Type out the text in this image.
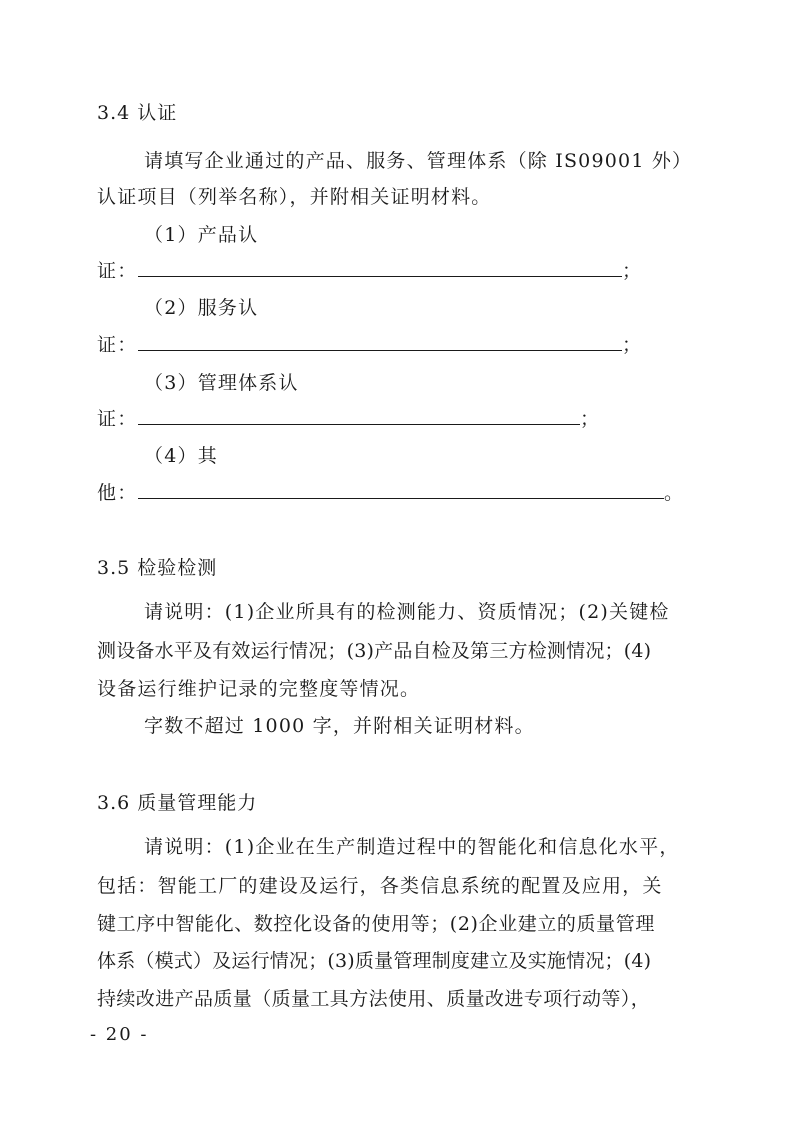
3.4 认证
请填写企业通过的产品、服务、管理体系（除 IS09001 外）
认证项目（列举名称），并附相关证明材料。
（1）产品认
证：	；
（2）服务认
证：	；
（3）管理体系认
证：	；
（4）其
他：	。
3.5 检验检测
请说明：(1)企业所具有的检测能力、资质情况；(2)关键检
测设备水平及有效运行情况；(3)产品自检及第三方检测情况；(4)
设备运行维护记录的完整度等情况。
字数不超过 1000 字，并附相关证明材料。
3.6 质量管理能力
请说明：(1)企业在生产制造过程中的智能化和信息化水平，
包括：智能工厂的建设及运行，各类信息系统的配置及应用，关
键工序中智能化、数控化设备的使用等；(2)企业建立的质量管理
体系（模式）及运行情况；(3)质量管理制度建立及实施情况；(4)
持续改进产品质量（质量工具方法使用、质量改进专项行动等），
- 20 -
